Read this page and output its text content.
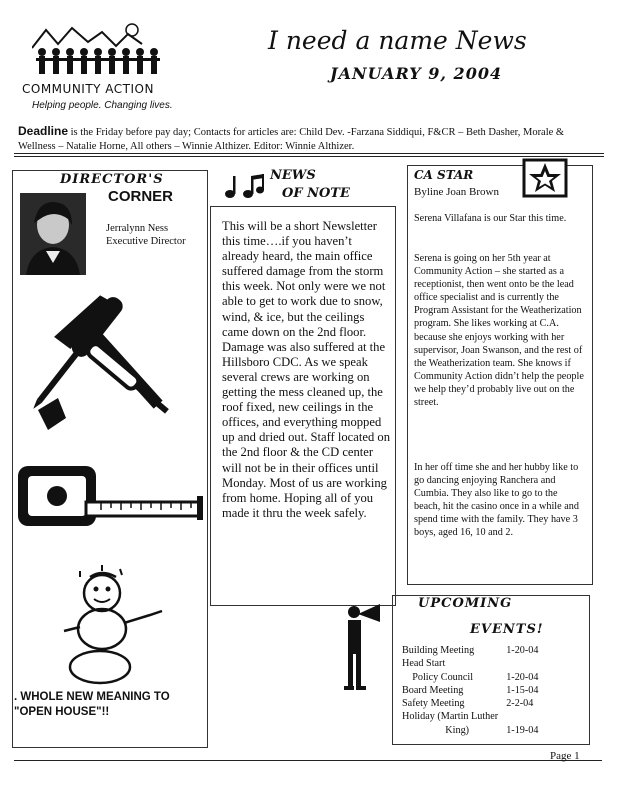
COMMUNITY ACTION
Helping people. Changing lives.
I need a name News
JANUARY 9, 2004
Deadline is the Friday before pay day; Contacts for articles are: Child Dev. -Farzana Siddiqui, F&CR – Beth Dasher, Morale & Wellness – Natalie Horne, All others – Winnie Althizer. Editor: Winnie Althizer.
DIRECTOR'S
CORNER
Jerralynn Ness
Executive Director
. WHOLE NEW MEANING TO
"OPEN HOUSE"!!
NEWS
OF NOTE
This will be a short Newsletter this time….if you haven’t already heard, the main office suffered damage from the storm this week. Not only were we not able to get to work due to snow, wind, & ice, but the ceilings came down on the 2nd floor. Damage was also suffered at the Hillsboro CDC. As we speak several crews are working on getting the mess cleaned up, the roof fixed, new ceilings in the offices, and everything mopped up and dried out. Staff located on the 2nd floor & the CD center will not be in their offices until Monday. Most of us are working from home. Hoping all of you made it thru the week safely.
CA STAR
Byline Joan Brown
Serena Villafana is our Star this time.
Serena is going on her 5th year at Community Action – she started as a receptionist, then went onto be the lead office specialist and is currently the Program Assistant for the Weatherization program. She likes working at C.A. because she enjoys working with her supervisor, Joan Swanson, and the rest of the Weatherization team. She knows if Community Action didn’t help the people we help they’d probably live out on the street.
In her off time she and her hubby like to go dancing enjoying Ranchera and Cumbia. They also like to go to the beach, hit the casino once in a while and spend time with the family. They have 3 boys, aged 16, 10 and 2.
UPCOMING
EVENTS!
Building Meeting	1-20-04
Head Start	
Policy Council	1-20-04
Board Meeting	1-15-04
Safety Meeting	2-2-04
Holiday (Martin Luther	
King)	1-19-04
Page 1
